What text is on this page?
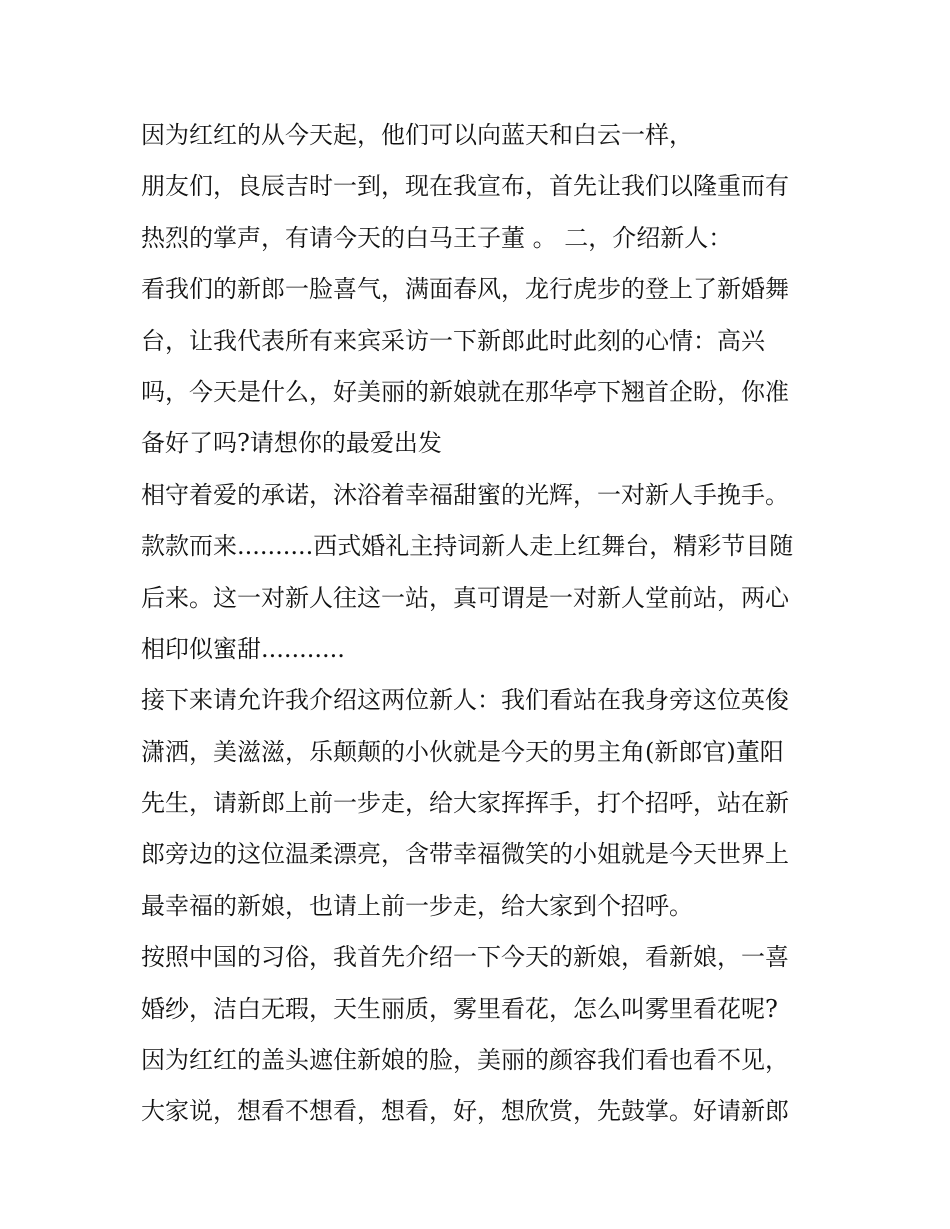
因为红红的从今天起，他们可以向蓝天和白云一样，
朋友们，良辰吉时一到，现在我宣布，首先让我们以隆重而有
热烈的掌声，有请今天的白马王子董 。 二，介绍新人：
看我们的新郎一脸喜气，满面春风，龙行虎步的登上了新婚舞
台，让我代表所有来宾采访一下新郎此时此刻的心情：高兴
吗，今天是什么，好美丽的新娘就在那华亭下翘首企盼，你准
备好了吗?请想你的最爱出发
相守着爱的承诺，沐浴着幸福甜蜜的光辉，一对新人手挽手。
款款而来..........西式婚礼主持词新人走上红舞台，精彩节目随
后来。这一对新人往这一站，真可谓是一对新人堂前站，两心
相印似蜜甜...........
接下来请允许我介绍这两位新人：我们看站在我身旁这位英俊
潇洒，美滋滋，乐颠颠的小伙就是今天的男主角(新郎官)董阳
先生，请新郎上前一步走，给大家挥挥手，打个招呼，站在新
郎旁边的这位温柔漂亮，含带幸福微笑的小姐就是今天世界上
最幸福的新娘，也请上前一步走，给大家到个招呼。
按照中国的习俗，我首先介绍一下今天的新娘，看新娘，一喜
婚纱，洁白无瑕，天生丽质，雾里看花，怎么叫雾里看花呢?
因为红红的盖头遮住新娘的脸，美丽的颜容我们看也看不见，
大家说，想看不想看，想看，好，想欣赏，先鼓掌。好请新郎
